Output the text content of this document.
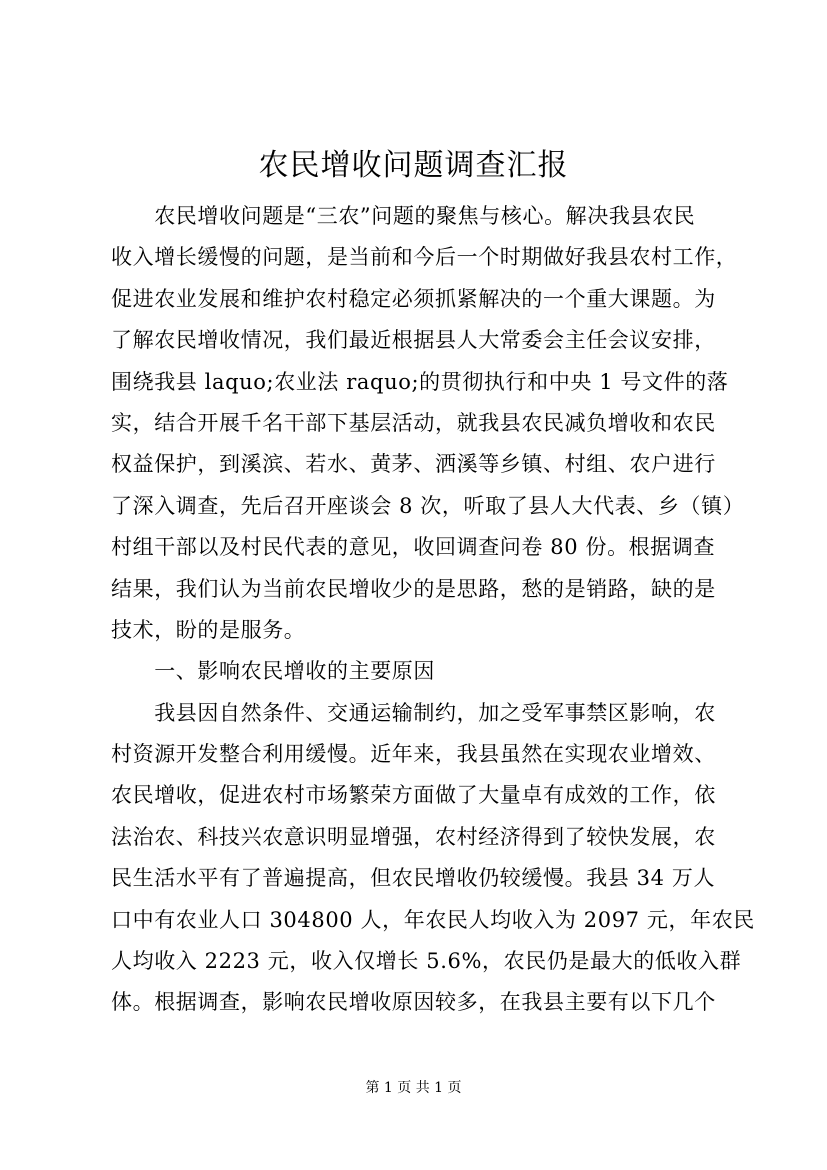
农民增收问题调查汇报
　　农民增收问题是“三农”问题的聚焦与核心。解决我县农民
收入增长缓慢的问题，是当前和今后一个时期做好我县农村工作，
促进农业发展和维护农村稳定必须抓紧解决的一个重大课题。为
了解农民增收情况，我们最近根据县人大常委会主任会议安排，
围绕我县 laquo;农业法 raquo;的贯彻执行和中央 1 号文件的落
实，结合开展千名干部下基层活动，就我县农民减负增收和农民
权益保护，到溪滨、若水、黄茅、洒溪等乡镇、村组、农户进行
了深入调查，先后召开座谈会 8 次，听取了县人大代表、乡（镇）
村组干部以及村民代表的意见，收回调查问卷 80 份。根据调查
结果，我们认为当前农民增收少的是思路，愁的是销路，缺的是
技术，盼的是服务。
　　一、影响农民增收的主要原因
　　我县因自然条件、交通运输制约，加之受军事禁区影响，农
村资源开发整合利用缓慢。近年来，我县虽然在实现农业增效、
农民增收，促进农村市场繁荣方面做了大量卓有成效的工作，依
法治农、科技兴农意识明显增强，农村经济得到了较快发展，农
民生活水平有了普遍提高，但农民增收仍较缓慢。我县 34 万人
口中有农业人口 304800 人，年农民人均收入为 2097 元，年农民
人均收入 2223 元，收入仅增长 5.6%，农民仍是最大的低收入群
体。根据调查，影响农民增收原因较多，在我县主要有以下几个
第 1 页 共 1 页
